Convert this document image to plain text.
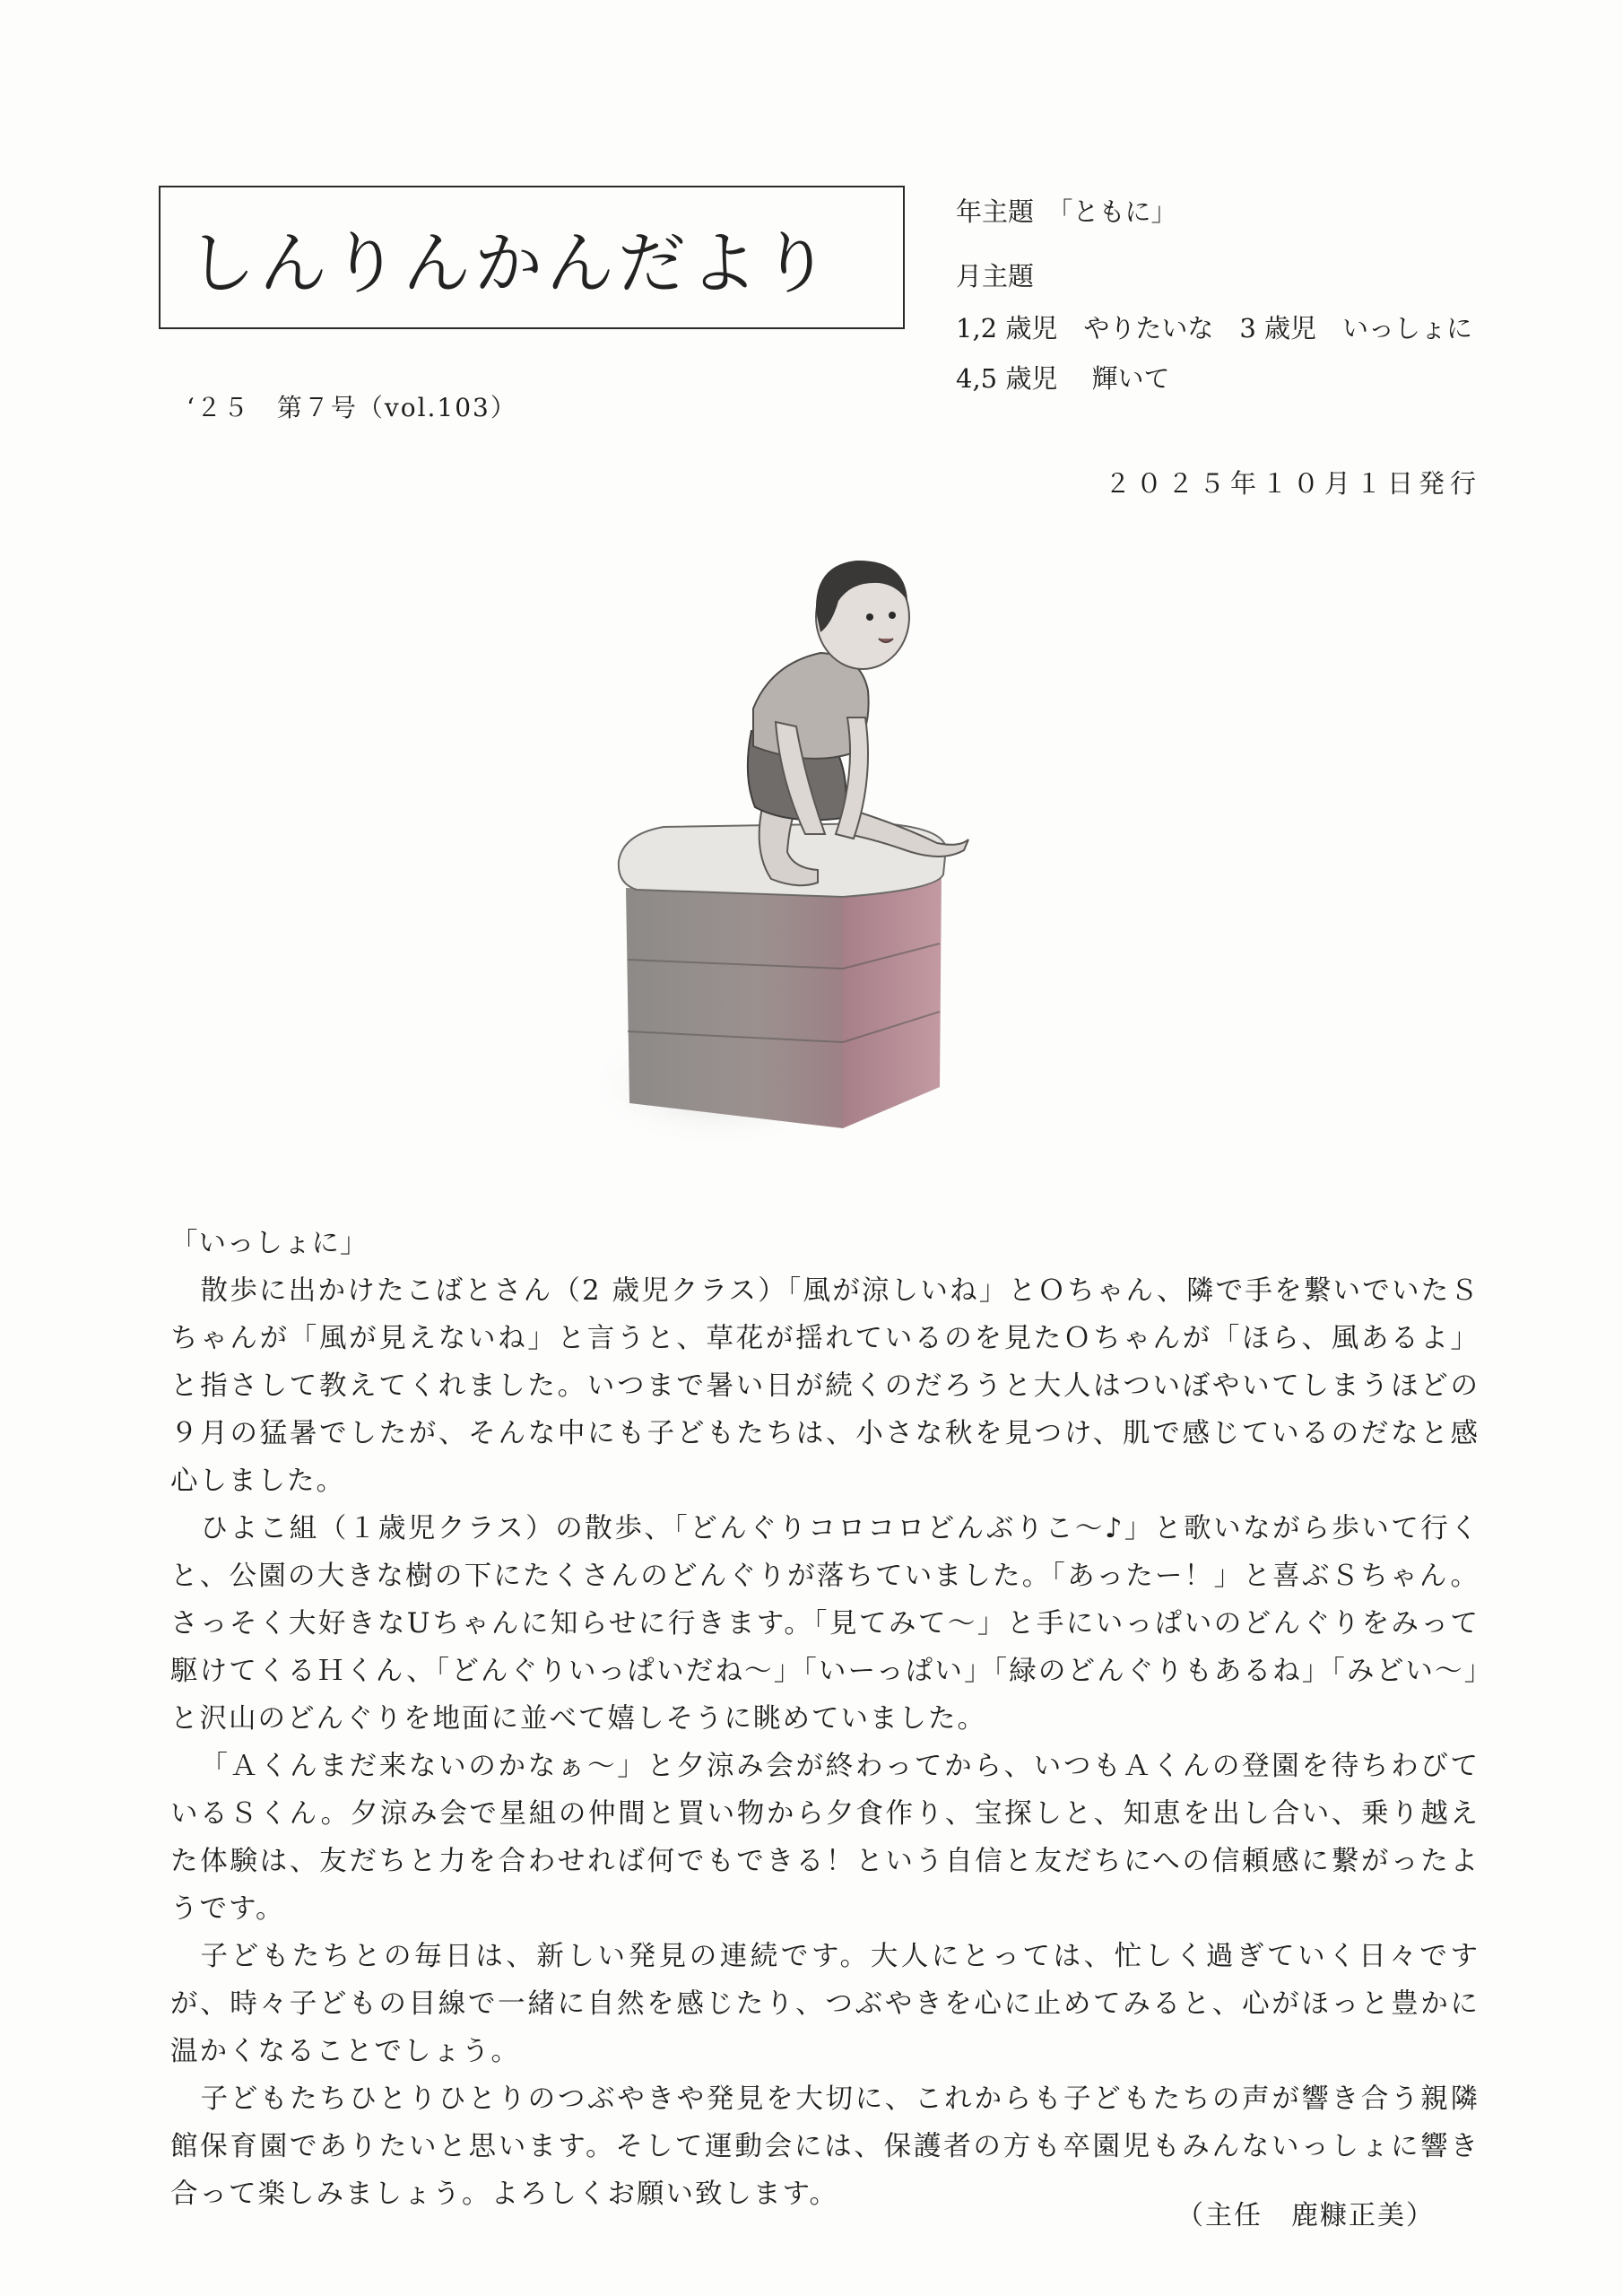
しんりんかんだより
‘２５　第７号（vol.103）
年主題　「ともに」
月主題
1,2 歳児　やりたいな　3 歳児　いっしょに
4,5 歳児　 輝いて
２０２５年１０月１日発行

「いっしょに」

散歩に出かけたこばとさん（2 歳児クラス）「風が涼しいね」とＯちゃん、隣で手を繋いでいたＳちゃんが「風が見えないね」と言うと、草花が揺れているのを見たＯちゃんが「ほら、風あるよ」と指さして教えてくれました。いつまで暑い日が続くのだろうと大人はついぼやいてしまうほどの９月の猛暑でしたが、そんな中にも子どもたちは、小さな秋を見つけ、肌で感じているのだなと感心しました。

ひよこ組（１歳児クラス）の散歩、「どんぐりコロコロどんぶりこ～♪」と歌いながら歩いて行くと、公園の大きな樹の下にたくさんのどんぐりが落ちていました。「あったー！」と喜ぶＳちゃん。さっそく大好きなUちゃんに知らせに行きます。「見てみて～」と手にいっぱいのどんぐりをみって駆けてくるＨくん、「どんぐりいっぱいだね～」「いーっぱい」「緑のどんぐりもあるね」「みどい～」と沢山のどんぐりを地面に並べて嬉しそうに眺めていました。

「Ａくんまだ来ないのかなぁ～」と夕涼み会が終わってから、いつもＡくんの登園を待ちわびているＳくん。夕涼み会で星組の仲間と買い物から夕食作り、宝探しと、知恵を出し合い、乗り越えた体験は、友だちと力を合わせれば何でもできる！という自信と友だちにへの信頼感に繋がったようです。

子どもたちとの毎日は、新しい発見の連続です。大人にとっては、忙しく過ぎていく日々ですが、時々子どもの目線で一緒に自然を感じたり、つぶやきを心に止めてみると、心がほっと豊かに温かくなることでしょう。

子どもたちひとりひとりのつぶやきや発見を大切に、これからも子どもたちの声が響き合う親隣館保育園でありたいと思います。そして運動会には、保護者の方も卒園児もみんないっしょに響き合って楽しみましょう。よろしくお願い致します。

（主任　鹿糠正美）
